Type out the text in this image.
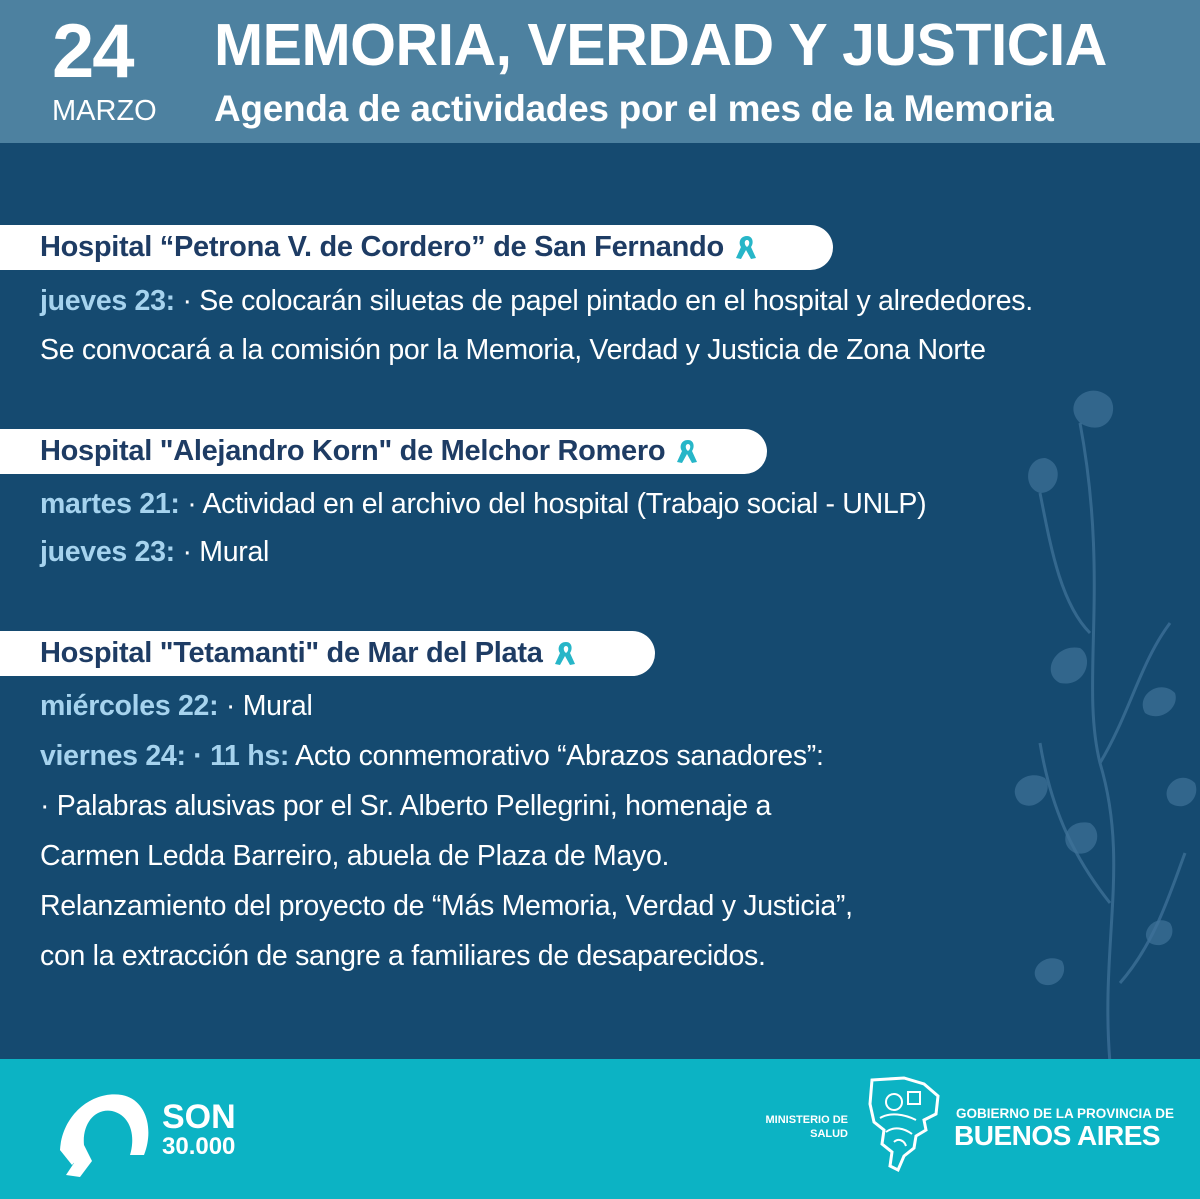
24
MARZO
MEMORIA, VERDAD Y JUSTICIA
Agenda de actividades por el mes de la Memoria
Hospital “Petrona V. de Cordero” de San Fernando
jueves 23: · Se colocarán siluetas de papel pintado en el hospital y alrededores.
Se convocará a la comisión por la Memoria, Verdad y Justicia de Zona Norte
Hospital "Alejandro Korn" de Melchor Romero
martes 21: · Actividad en el archivo del hospital (Trabajo social - UNLP)
jueves 23: · Mural
Hospital "Tetamanti" de Mar del Plata
miércoles 22: · Mural
viernes 24: · 11 hs: Acto conmemorativo “Abrazos sanadores”:
· Palabras alusivas por el Sr. Alberto Pellegrini, homenaje a
Carmen Ledda Barreiro, abuela de Plaza de Mayo.
Relanzamiento del proyecto de “Más Memoria, Verdad y Justicia”,
con la extracción de sangre a familiares de desaparecidos.
SON
30.000
MINISTERIO DE
SALUD
GOBIERNO DE LA PROVINCIA DE
BUENOS AIRES
